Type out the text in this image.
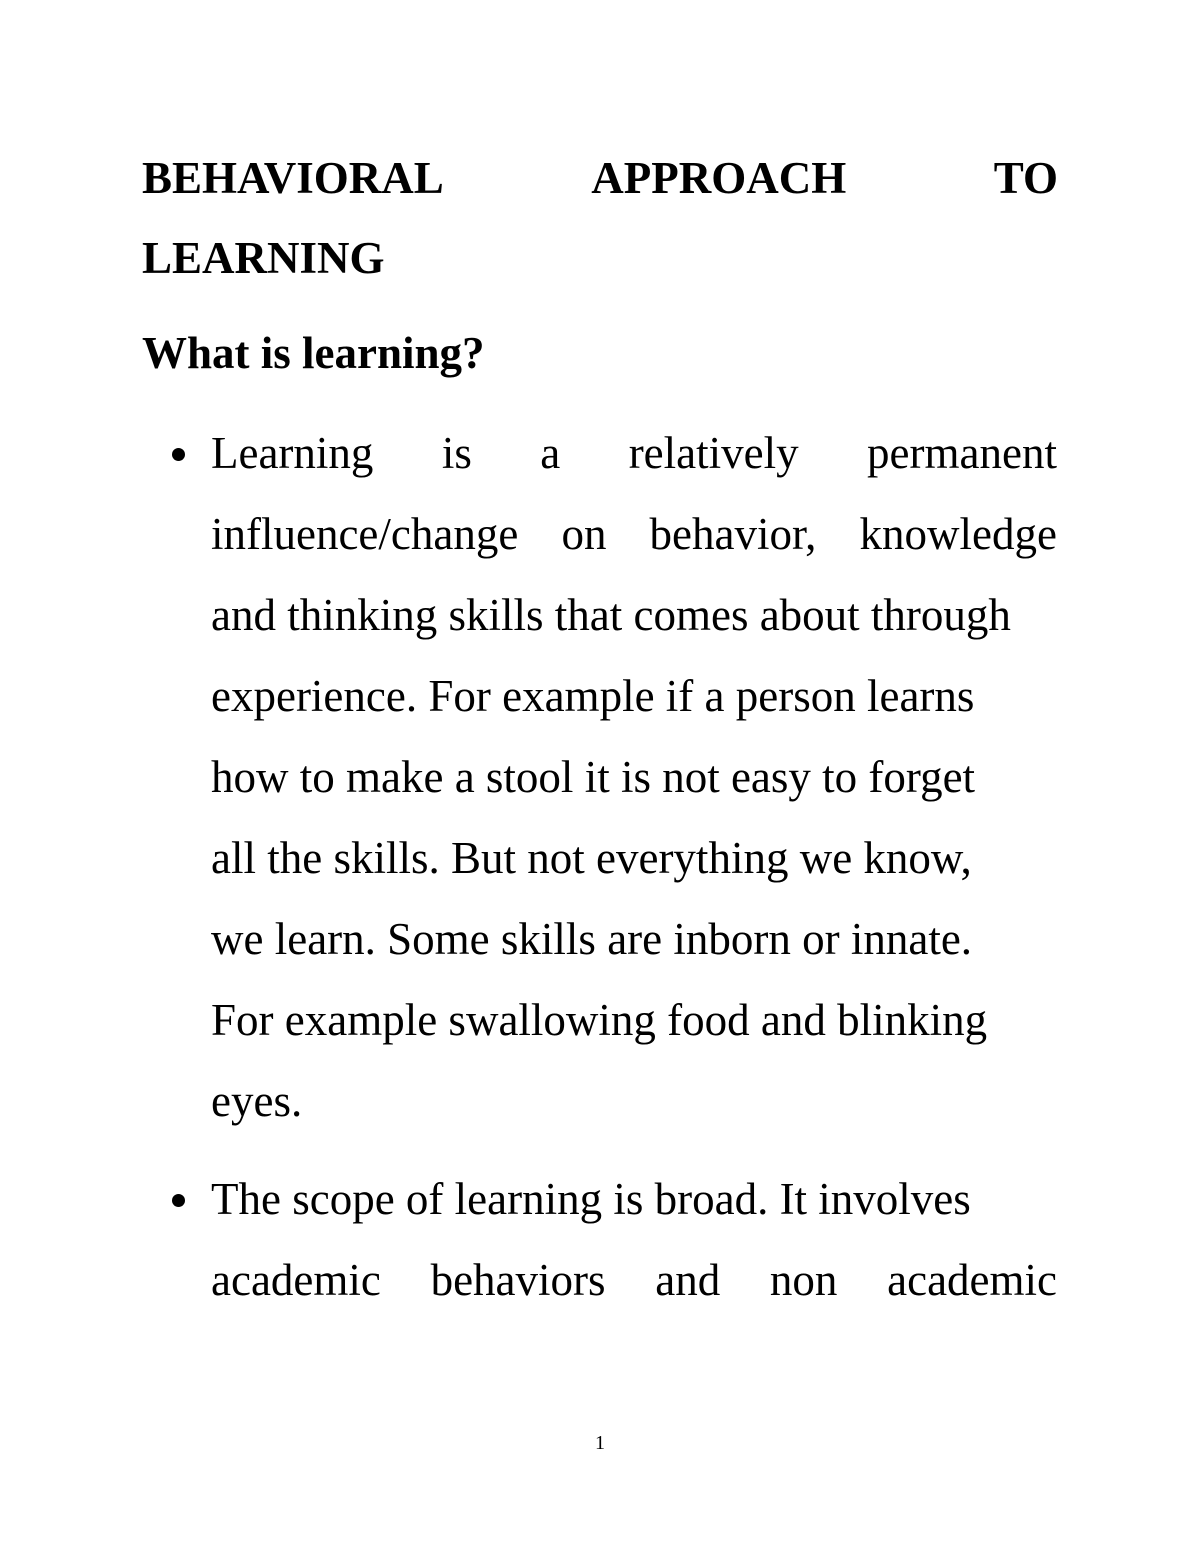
BEHAVIORAL	APPROACH	TO
LEARNING
What is learning?
Learning is a relatively permanent
influence/change on behavior, knowledge
and thinking skills that comes about through
experience. For example if a person learns
how to make a stool it is not easy to forget
all the skills. But not everything we know,
we learn. Some skills are inborn or innate.
For example swallowing food and blinking
eyes.
The scope of learning is broad. It involves
academic behaviors and non academic
1
